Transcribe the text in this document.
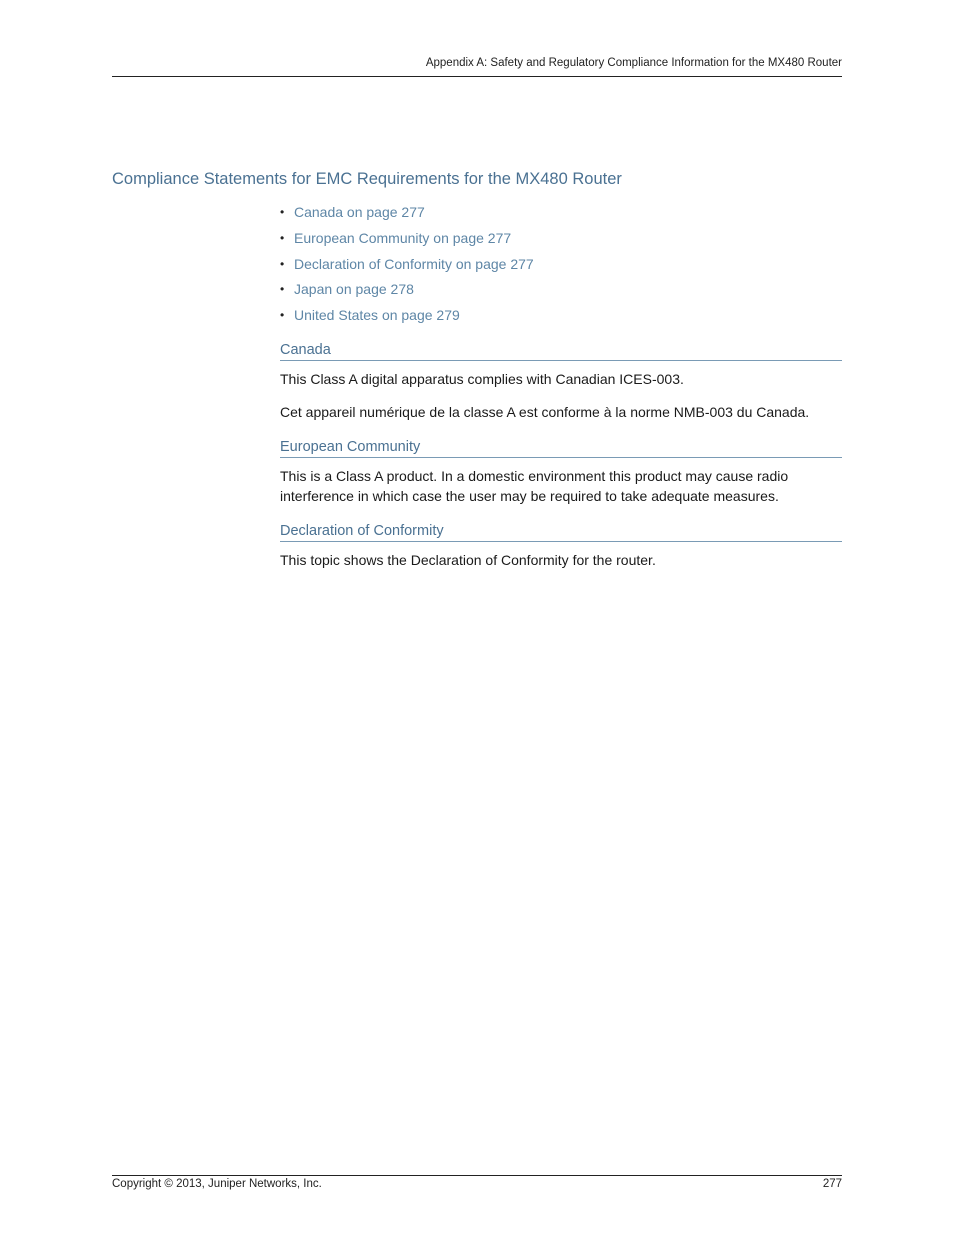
Appendix A: Safety and Regulatory Compliance Information for the MX480 Router
Compliance Statements for EMC Requirements for the MX480 Router
• Canada on page 277
• European Community on page 277
• Declaration of Conformity on page 277
• Japan on page 278
• United States on page 279
Canada

This Class A digital apparatus complies with Canadian ICES-003.

Cet appareil numérique de la classe A est conforme à la norme NMB-003 du Canada.

European Community

This is a Class A product. In a domestic environment this product may cause radio interference in which case the user may be required to take adequate measures.

Declaration of Conformity

This topic shows the Declaration of Conformity for the router.

Copyright © 2013, Juniper Networks, Inc.	277
